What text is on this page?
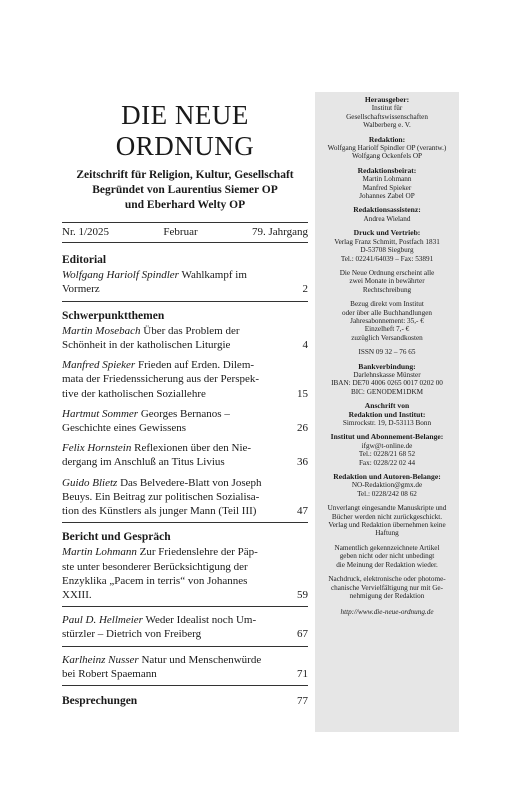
DIE NEUE
ORDNUNG
Zeitschrift für Religion, Kultur, Gesellschaft
Begründet von Laurentius Siemer OP
und Eberhard Welty OP
Nr. 1/2025	Februar	79. Jahrgang
Editorial
Wolfgang Hariolf Spindler Wahlkampf im
Vormerz	2
Schwerpunktthemen
Martin Mosebach Über das Problem der
Schönheit in der katholischen Liturgie	4
Manfred Spieker Frieden auf Erden. Dilem-
mata der Friedenssicherung aus der Perspek-
tive der katholischen Soziallehre	15
Hartmut Sommer Georges Bernanos –
Geschichte eines Gewissens	26
Felix Hornstein Reflexionen über den Nie-
dergang im Anschluß an Titus Livius	36
Guido Blietz Das Belvedere-Blatt von Joseph
Beuys. Ein Beitrag zur politischen Sozialisa-
tion des Künstlers als junger Mann (Teil III)	47
Bericht und Gespräch
Martin Lohmann Zur Friedenslehre der Päp-
ste unter besonderer Berücksichtigung der
Enzyklika „Pacem in terris“ von Johannes
XXIII.	59
Paul D. Hellmeier Weder Idealist noch Um-
stürzler – Dietrich von Freiberg	67
Karlheinz Nusser Natur und Menschenwürde
bei Robert Spaemann	71
Besprechungen	77
Herausgeber:
Institut für
Gesellschaftswissenschaften
Walberberg e. V.
Redaktion:
Wolfgang Hariolf Spindler OP (verantw.)
Wolfgang Ockenfels OP
Redaktionsbeirat:
Martin Lohmann
Manfred Spieker
Johannes Zabel OP
Redaktionsassistenz:
Andrea Wieland
Druck und Vertrieb:
Verlag Franz Schmitt, Postfach 1831
D-53708 Siegburg
Tel.: 02241/64039 – Fax: 53891
Die Neue Ordnung erscheint alle
zwei Monate in bewährter
Rechtschreibung
Bezug direkt vom Institut
oder über alle Buchhandlungen
Jahresabonnement: 35,- €
Einzelheft 7,- €
zuzüglich Versandkosten
ISSN 09 32 – 76 65
Bankverbindung:
Darlehnskasse Münster
IBAN: DE70 4006 0265 0017 0202 00
BIC: GENODEM1DKM
Anschrift von
Redaktion und Institut:
Simrockstr. 19, D-53113 Bonn
Institut und Abonnement-Belange:
ifgw@t-online.de
Tel.: 0228/21 68 52
Fax: 0228/22 02 44
Redaktion und Autoren-Belange:
NO-Redaktion@gmx.de
Tel.: 0228/242 08 62
Unverlangt eingesandte Manuskripte und
Bücher werden nicht zurückgeschickt.
Verlag und Redaktion übernehmen keine
Haftung
Namentlich gekennzeichnete Artikel
geben nicht oder nicht unbedingt
die Meinung der Redaktion wieder.
Nachdruck, elektronische oder photome-
chanische Vervielfältigung nur mit Ge-
nehmigung der Redaktion
http://www.die-neue-ordnung.de
